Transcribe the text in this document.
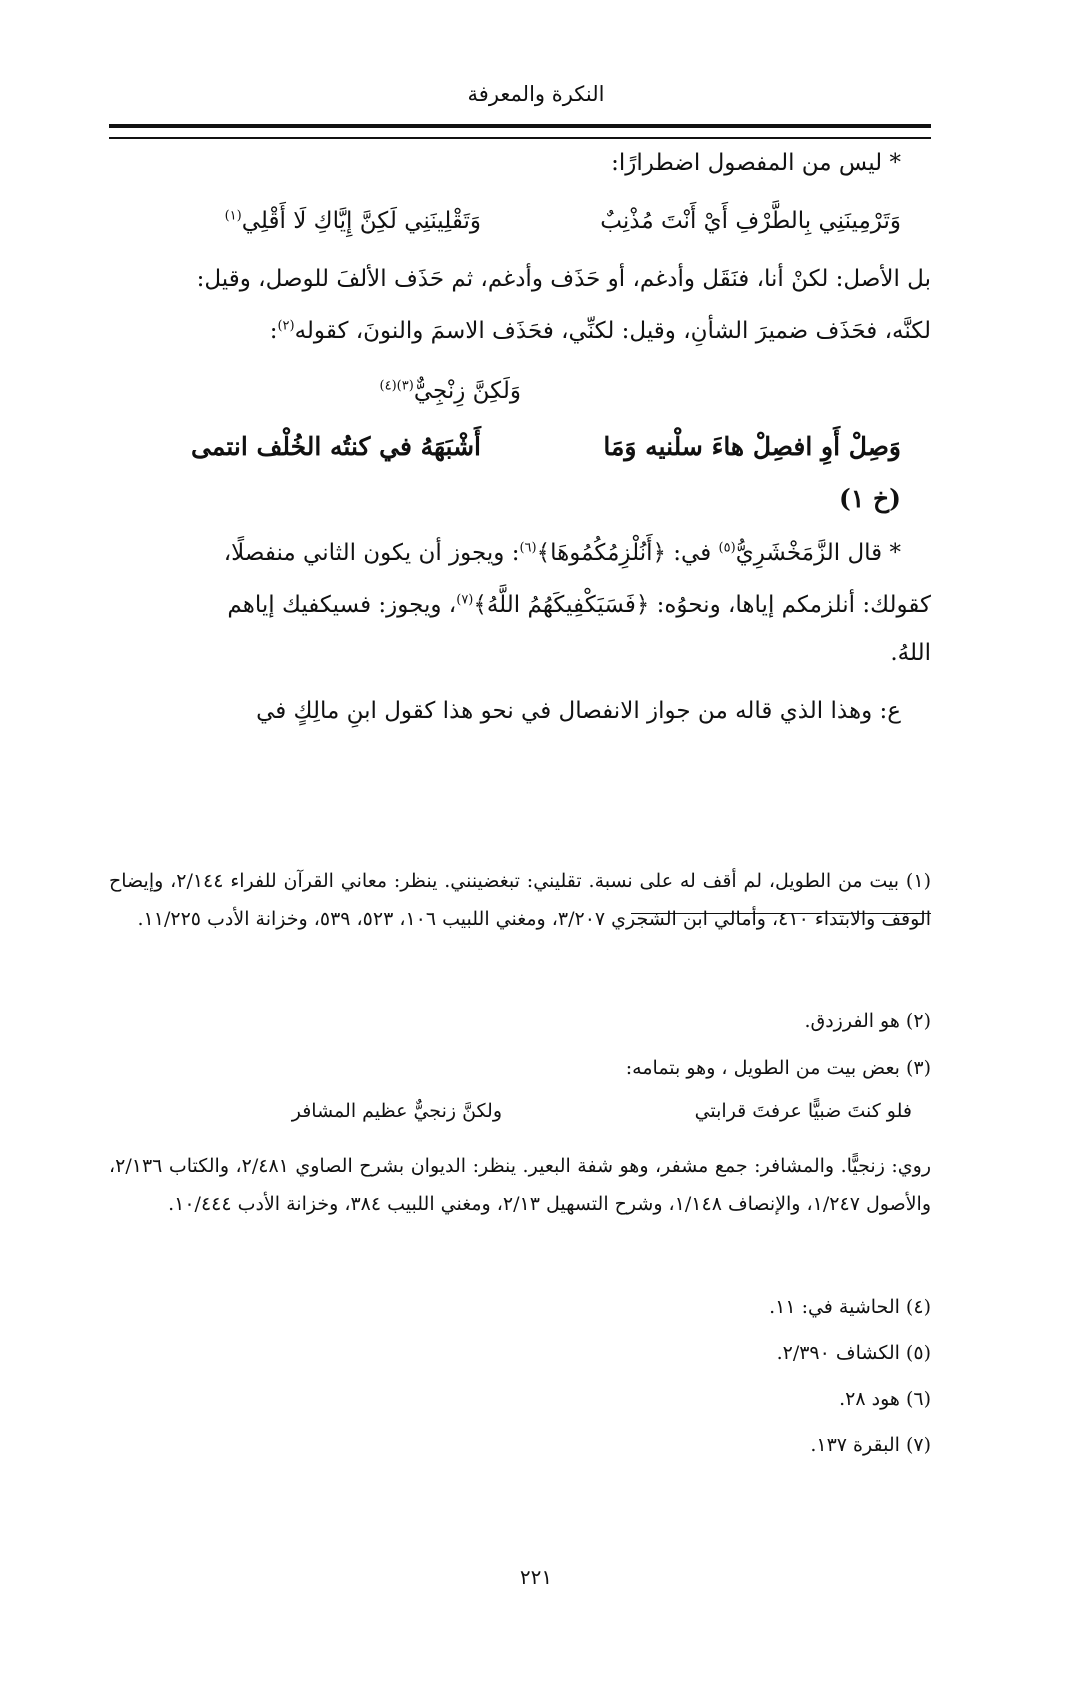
النكرة والمعرفة
* ليس من المفصول اضطرارًا:
وَتَرْمِينَنِي بِالطَّرْفِ أَيْ أَنْتَ مُذْنِبٌ
وَتَقْلِينَنِي لَكِنَّ إِيَّاكِ لَا أَقْلِي$^{(١)}$
بل الأصل: لكنْ أنا، فنَقَل وأدغم، أو حَذَف وأدغم، ثم حَذَف الألفَ للوصل، وقيل:
لكنَّه، فحَذَف ضميرَ الشأنِ، وقيل: لكنِّي، فحَذَف الاسمَ والنونَ، كقوله$^{(٢)}$:
وَلَكِنَّ زِنْجِيٌّ$^{(٣)(٤)}$
وَصِلْ أَوِ افصِلْ هاءَ سلْنيه وَمَا
أَشْبَهَهُ في كنتُه الخُلْف انتمى
(خ ١)
* قال الزَّمَخْشَرِيُّ$^{(٥)}$ في: ﴿أَنُلْزِمُكُمُوهَا﴾$^{(٦)}$: ويجوز أن يكون الثاني منفصلًا،
كقولك: أنلزمكم إياها، ونحوُه: ﴿فَسَيَكْفِيكَهُمُ اللَّهُ﴾$^{(٧)}$، ويجوز: فسيكفيك إياهم
اللهُ.
ع: وهذا الذي قاله من جواز الانفصال في نحو هذا كقول ابنِ مالِكٍ في
(١) بيت من الطويل، لم أقف له على نسبة. تقليني: تبغضينني. ينظر: معاني القرآن للفراء ٢/١٤٤، وإيضاح الوقف والابتداء ٤١٠، وأمالي ابن الشجري ٣/٢٠٧، ومغني اللبيب ١٠٦، ٥٢٣، ٥٣٩، وخزانة الأدب ١١/٢٢٥.
(٢) هو الفرزدق.
(٣) بعض بيت من الطويل ، وهو بتمامه:
فلو كنتَ ضبيًّا عرفتَ قرابتي
ولكنَّ زنجيٌّ عظيم المشافر
روي: زنجيًّا. والمشافر: جمع مشفر، وهو شفة البعير. ينظر: الديوان بشرح الصاوي ٢/٤٨١، والكتاب ٢/١٣٦، والأصول ١/٢٤٧، والإنصاف ١/١٤٨، وشرح التسهيل ٢/١٣، ومغني اللبيب ٣٨٤، وخزانة الأدب ١٠/٤٤٤.
(٤) الحاشية في: ١١.
(٥) الكشاف ٢/٣٩٠.
(٦) هود ٢٨.
(٧) البقرة ١٣٧.
٢٢١
